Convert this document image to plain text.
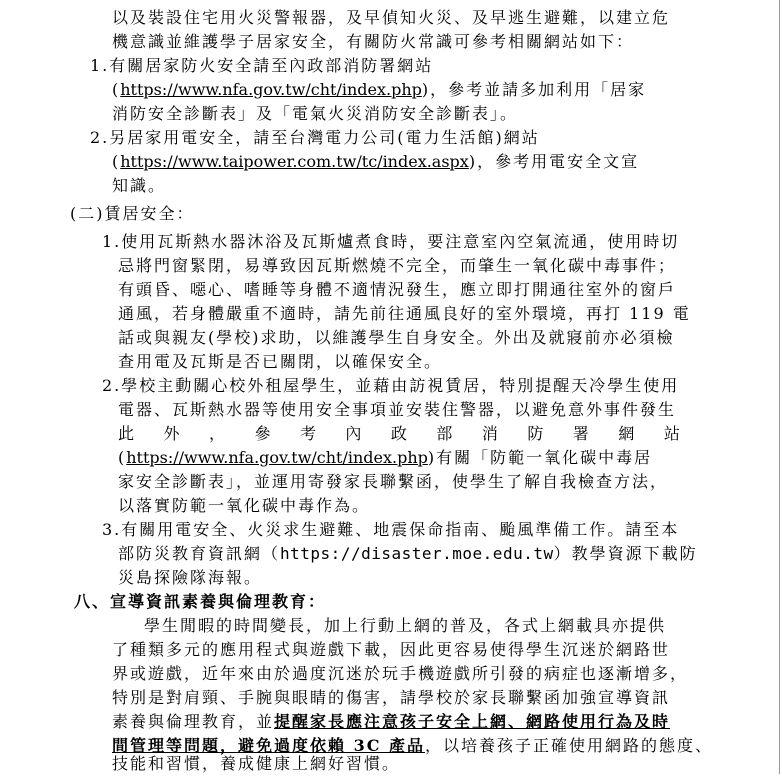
以及裝設住宅用火災警報器，及早偵知火災、及早逃生避難，以建立危
機意識並維護學子居家安全，有關防火常識可參考相關網站如下：
1.有關居家防火安全請至內政部消防署網站
(https://www.nfa.gov.tw/cht/index.php)，參考並請多加利用「居家
消防安全診斷表」及「電氣火災消防安全診斷表」。
2.另居家用電安全，請至台灣電力公司(電力生活館)網站
(https://www.taipower.com.tw/tc/index.aspx)，參考用電安全文宣
知識。
(二)賃居安全：
1.使用瓦斯熱水器沐浴及瓦斯爐煮食時，要注意室內空氣流通，使用時切
忌將門窗緊閉，易導致因瓦斯燃燒不完全，而肇生一氧化碳中毒事件；
有頭昏、噁心、嗜睡等身體不適情況發生，應立即打開通往室外的窗戶
通風，若身體嚴重不適時，請先前往通風良好的室外環境，再打 119 電
話或與親友(學校)求助，以維護學生自身安全。外出及就寢前亦必須檢
查用電及瓦斯是否已關閉，以確保安全。
2.學校主動關心校外租屋學生，並藉由訪視賃居，特別提醒天冷學生使用
電器、瓦斯熱水器等使用安全事項並安裝住警器，以避免意外事件發生
此 外 ， 參 考 內 政 部 消 防 署 網 站
(https://www.nfa.gov.tw/cht/index.php)有關「防範一氧化碳中毒居
家安全診斷表」，並運用寄發家長聯繫函，使學生了解自我檢查方法，
以落實防範一氧化碳中毒作為。
3.有關用電安全、火災求生避難、地震保命指南、颱風準備工作。請至本
部防災教育資訊網（https://disaster.moe.edu.tw）教學資源下載防
災島探險隊海報。
八、宣導資訊素養與倫理教育：
學生閒暇的時間變長，加上行動上網的普及，各式上網載具亦提供
了種類多元的應用程式與遊戲下載，因此更容易使得學生沉迷於網路世
界或遊戲，近年來由於過度沉迷於玩手機遊戲所引發的病症也逐漸增多，
特別是對肩頸、手腕與眼睛的傷害，請學校於家長聯繫函加強宣導資訊
素養與倫理教育，並提醒家長應注意孩子安全上網、網路使用行為及時
間管理等問題，避免過度依賴 3C 產品，以培養孩子正確使用網路的態度、
技能和習慣，養成健康上網好習慣。
